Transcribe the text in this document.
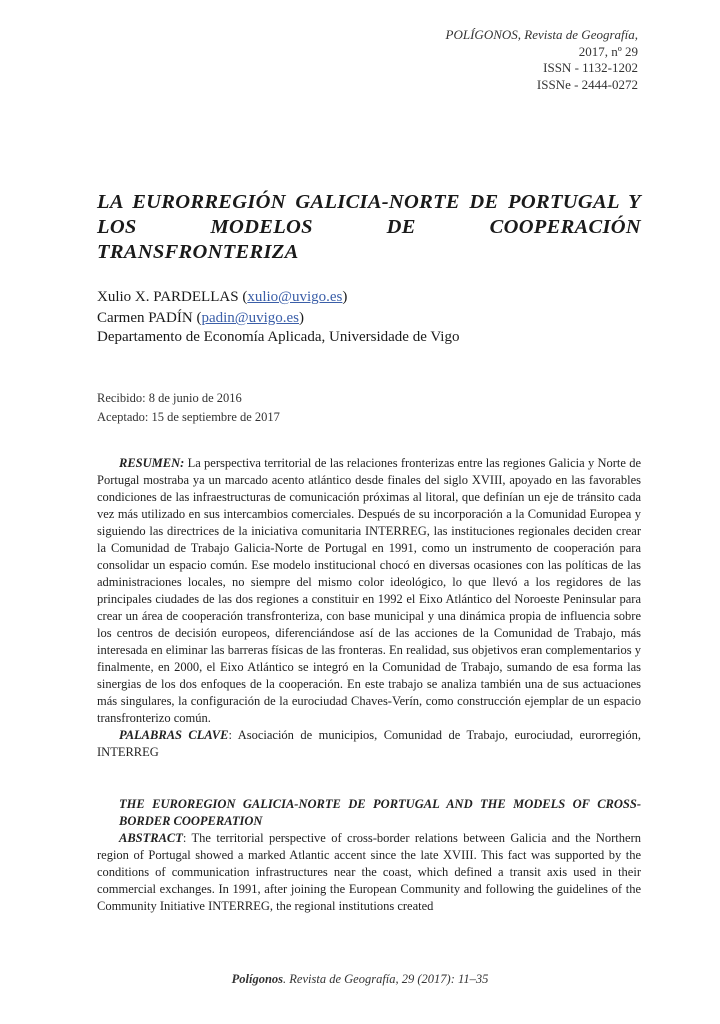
POLÍGONOS, Revista de Geografía,
2017, nº 29
ISSN - 1132-1202
ISSNe - 2444-0272
LA EURORREGIÓN GALICIA-NORTE DE PORTUGAL Y LOS MODELOS DE COOPERACIÓN TRANSFRONTERIZA
Xulio X. PARDELLAS (xulio@uvigo.es)
Carmen PADÍN (padin@uvigo.es)
Departamento de Economía Aplicada, Universidade de Vigo
Recibido: 8 de junio de 2016
Aceptado: 15 de septiembre de 2017

RESUMEN: La perspectiva territorial de las relaciones fronterizas entre las regiones Galicia y Norte de Portugal mostraba ya un marcado acento atlántico desde finales del siglo XVIII, apoyado en las favorables condiciones de las infraestructuras de comunicación próximas al litoral, que definían un eje de tránsito cada vez más utilizado en sus intercambios comerciales. Después de su incorporación a la Comunidad Europea y siguiendo las directrices de la iniciativa comunitaria INTERREG, las instituciones regionales deciden crear la Comunidad de Trabajo Galicia-Norte de Portugal en 1991, como un instrumento de cooperación para consolidar un espacio común. Ese modelo institucional chocó en diversas ocasiones con las políticas de las administraciones locales, no siempre del mismo color ideológico, lo que llevó a los regidores de las principales ciudades de las dos regiones a constituir en 1992 el Eixo Atlántico del Noroeste Peninsular para crear un área de cooperación transfronteriza, con base municipal y una dinámica propia de influencia sobre los centros de decisión europeos, diferenciándose así de las acciones de la Comunidad de Trabajo, más interesada en eliminar las barreras físicas de las fronteras. En realidad, sus objetivos eran complementarios y finalmente, en 2000, el Eixo Atlántico se integró en la Comunidad de Trabajo, sumando de esa forma las sinergias de los dos enfoques de la cooperación. En este trabajo se analiza también una de sus actuaciones más singulares, la configuración de la eurociudad Chaves-Verín, como construcción ejemplar de un espacio transfronterizo común.

PALABRAS CLAVE: Asociación de municipios, Comunidad de Trabajo, eurociudad, eurorregión, INTERREG

THE EUROREGION GALICIA-NORTE DE PORTUGAL AND THE MODELS OF CROSS-BORDER COOPERATION

ABSTRACT: The territorial perspective of cross-border relations between Galicia and the Northern region of Portugal showed a marked Atlantic accent since the late XVIII. This fact was supported by the conditions of communication infrastructures near the coast, which defined a transit axis used in their commercial exchanges. In 1991, after joining the European Community and following the guidelines of the Community Initiative INTERREG, the regional institutions created

Polígonos. Revista de Geografía, 29 (2017): 11–35
